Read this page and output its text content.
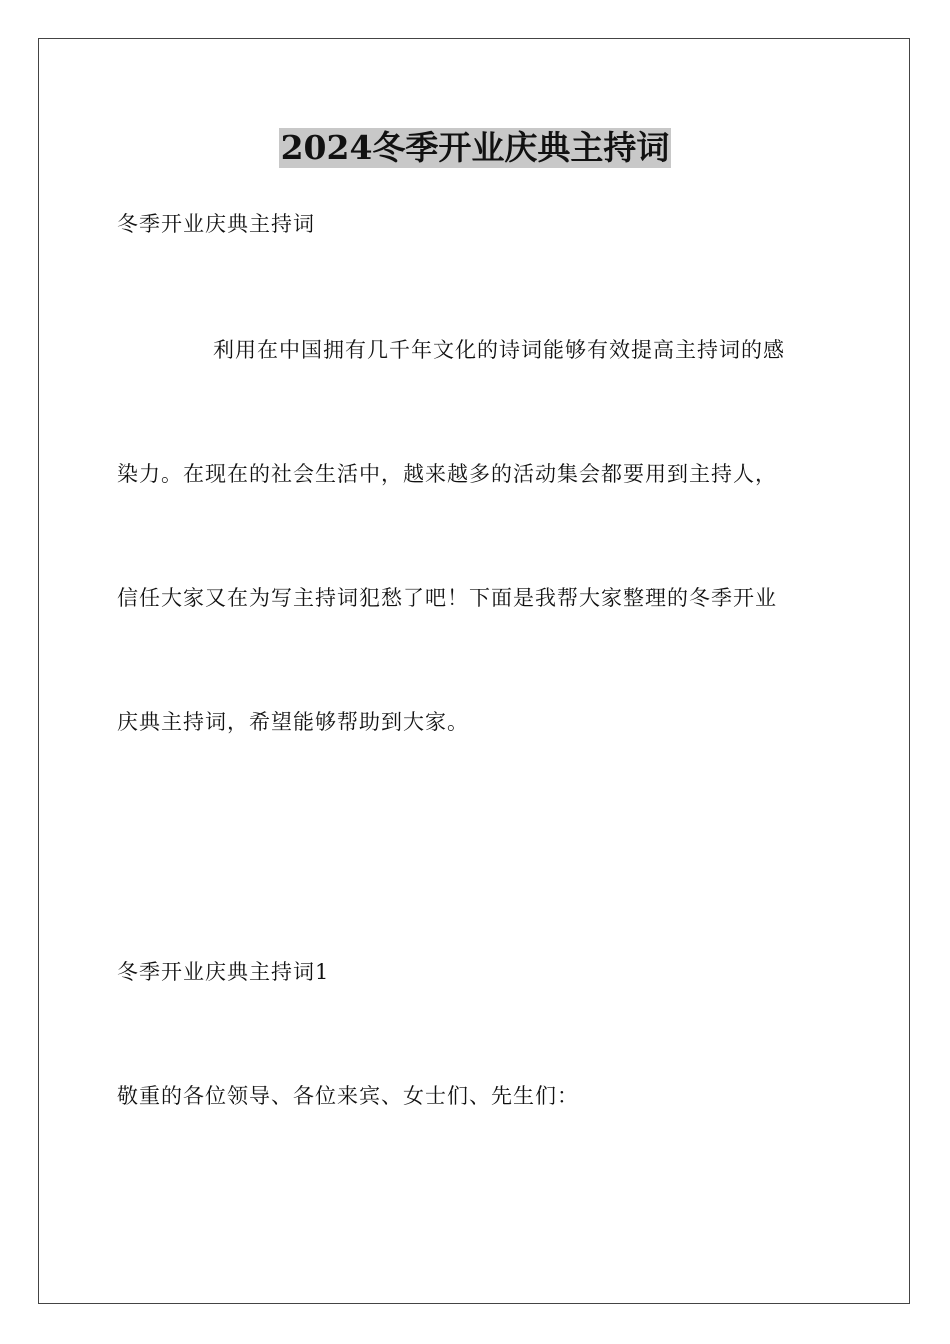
2024冬季开业庆典主持词
冬季开业庆典主持词
利用在中国拥有几千年文化的诗词能够有效提高主持词的感
染力。在现在的社会生活中，越来越多的活动集会都要用到主持人，
信任大家又在为写主持词犯愁了吧！下面是我帮大家整理的冬季开业
庆典主持词，希望能够帮助到大家。
冬季开业庆典主持词1
敬重的各位领导、各位来宾、女士们、先生们：
